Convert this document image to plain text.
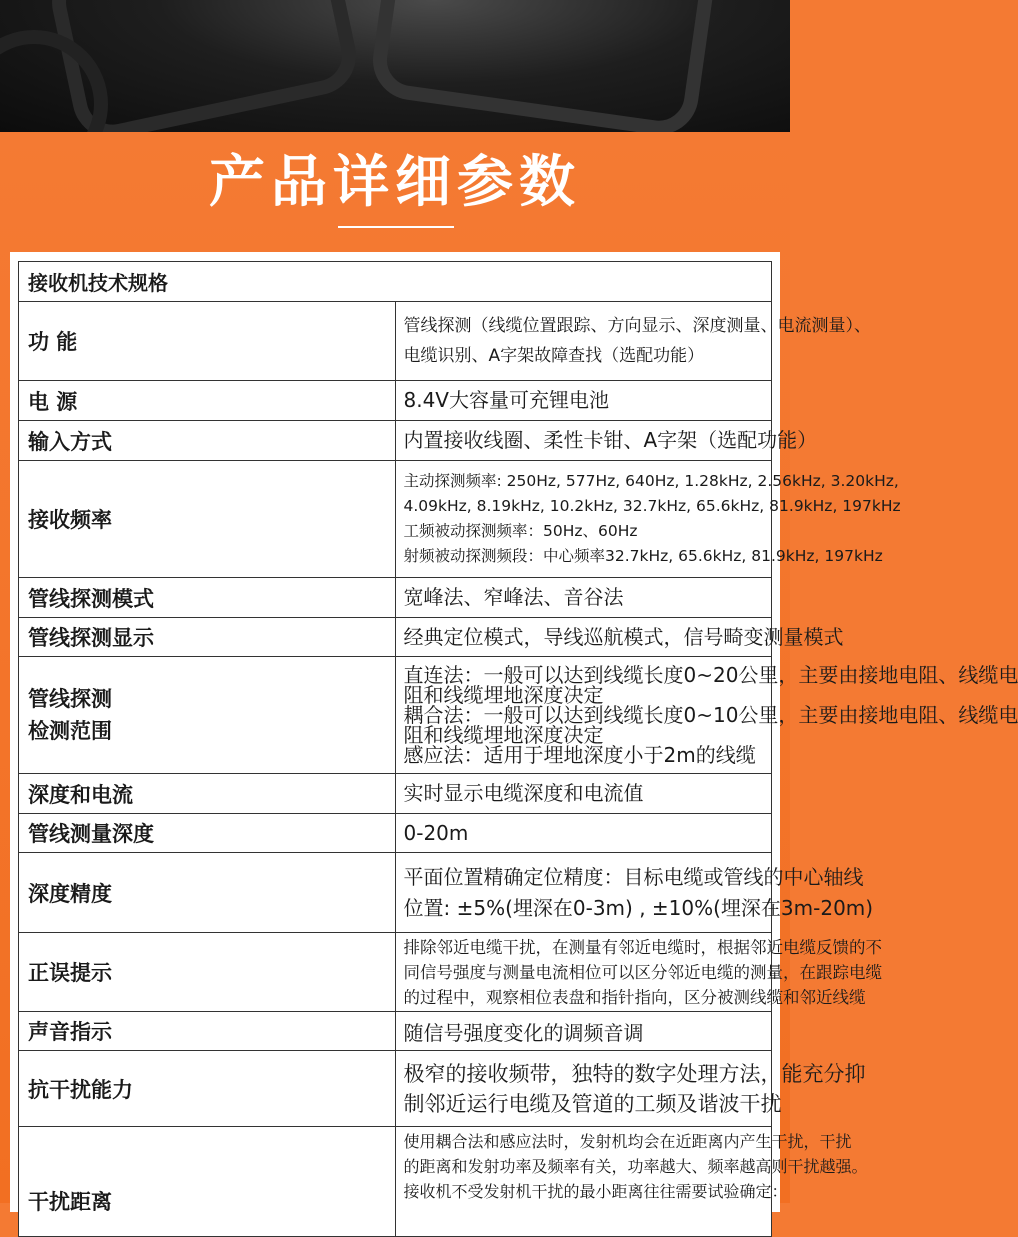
产品详细参数
接收机技术规格	
功 能	管线探测（线缆位置跟踪、方向显示、深度测量、电流测量）、
电缆识别、A字架故障查找（选配功能）

电 源	8.4V大容量可充锂电池

输入方式	内置接收线圈、柔性卡钳、A字架（选配功能）

接收频率	主动探测频率: 250Hz, 577Hz, 640Hz, 1.28kHz, 2.56kHz, 3.20kHz,
4.09kHz, 8.19kHz, 10.2kHz, 32.7kHz, 65.6kHz, 81.9kHz, 197kHz
工频被动探测频率：50Hz、60Hz
射频被动探测频段：中心频率32.7kHz, 65.6kHz, 81.9kHz, 197kHz

管线探测模式	宽峰法、窄峰法、音谷法

管线探测显示	经典定位模式，导线巡航模式，信号畸变测量模式

管线探测
检测范围	直连法：一般可以达到线缆长度0~20公里，主要由接地电阻、线缆电
阻和线缆埋地深度决定
耦合法：一般可以达到线缆长度0~10公里，主要由接地电阻、线缆电
阻和线缆埋地深度决定
感应法：适用于埋地深度小于2m的线缆

深度和电流	实时显示电缆深度和电流值

管线测量深度	0-20m

深度精度	平面位置精确定位精度：目标电缆或管线的中心轴线
位置: ±5%(埋深在0-3m) , ±10%(埋深在3m-20m)

正误提示	排除邻近电缆干扰，在测量有邻近电缆时，根据邻近电缆反馈的不
同信号强度与测量电流相位可以区分邻近电缆的测量，在跟踪电缆
的过程中，观察相位表盘和指针指向，区分被测线缆和邻近线缆

声音指示	随信号强度变化的调频音调

抗干扰能力	极窄的接收频带，独特的数字处理方法，能充分抑
制邻近运行电缆及管道的工频及谐波干扰

干扰距离	使用耦合法和感应法时，发射机均会在近距离内产生干扰，干扰
的距离和发射功率及频率有关，功率越大、频率越高则干扰越强。
接收机不受发射机干扰的最小距离往往需要试验确定：
